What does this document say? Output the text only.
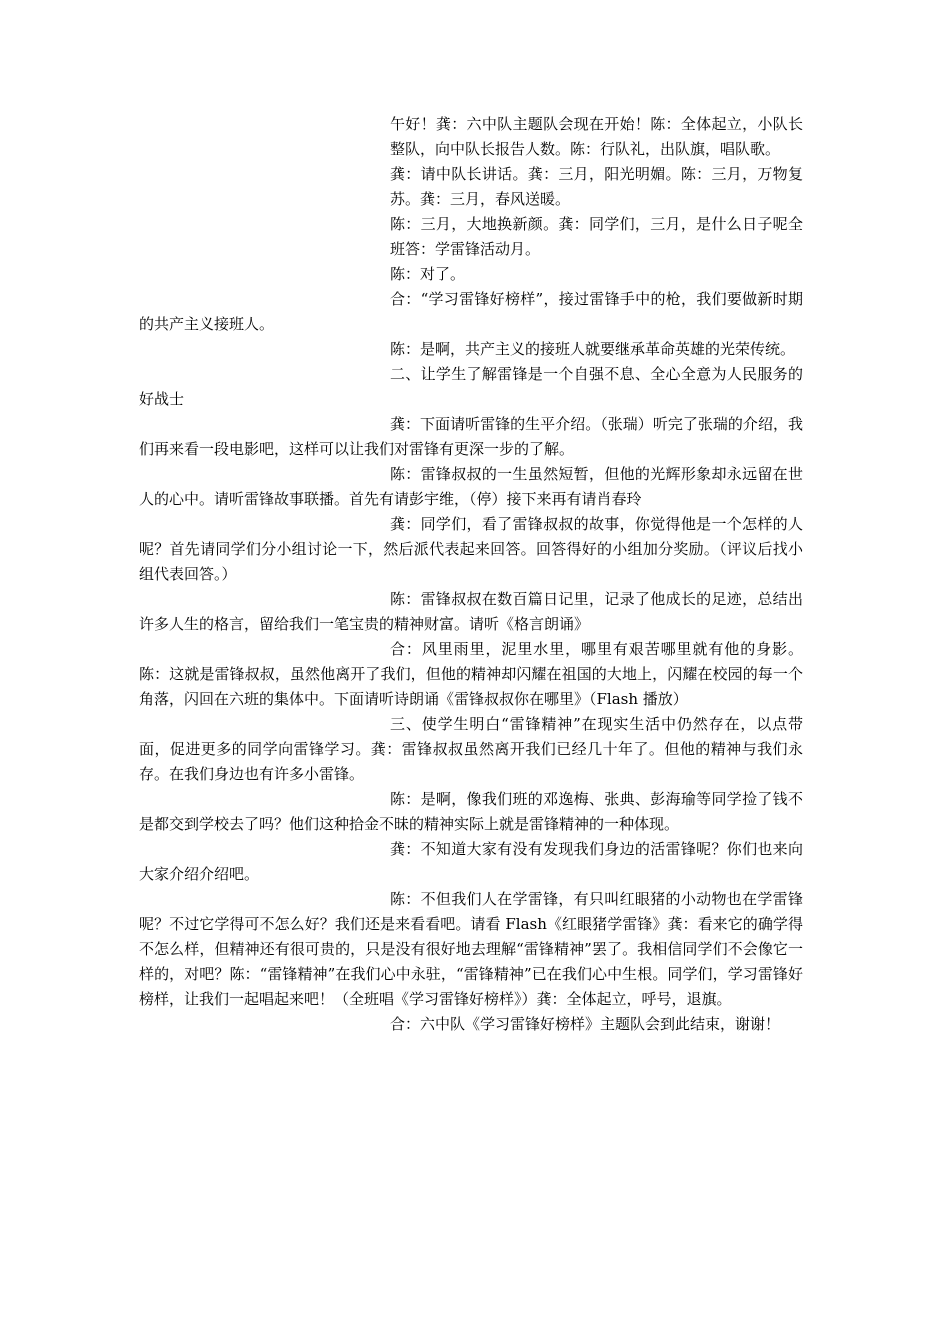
午好！龚：六中队主题队会现在开始！陈：全体起立，小队长整队，向中队长报告人数。陈：行队礼，出队旗，唱队歌。

龚：请中队长讲话。龚：三月，阳光明媚。陈：三月，万物复苏。龚：三月，春风送暖。

陈：三月，大地换新颜。龚：同学们，三月，是什么日子呢全班答：学雷锋活动月。

陈：对了。

合：“学习雷锋好榜样”，接过雷锋手中的枪，我们要做新时期的共产主义接班人。

陈：是啊，共产主义的接班人就要继承革命英雄的光荣传统。

二、让学生了解雷锋是一个自强不息、全心全意为人民服务的好战士

龚：下面请听雷锋的生平介绍。（张瑞）听完了张瑞的介绍，我们再来看一段电影吧，这样可以让我们对雷锋有更深一步的了解。

陈：雷锋叔叔的一生虽然短暂，但他的光辉形象却永远留在世人的心中。请听雷锋故事联播。首先有请彭宇维，（停）接下来再有请肖春玲

龚：同学们，看了雷锋叔叔的故事，你觉得他是一个怎样的人呢？首先请同学们分小组讨论一下，然后派代表起来回答。回答得好的小组加分奖励。（评议后找小组代表回答。）

陈：雷锋叔叔在数百篇日记里，记录了他成长的足迹，总结出许多人生的格言，留给我们一笔宝贵的精神财富。请听《格言朗诵》

合：风里雨里，泥里水里，哪里有艰苦哪里就有他的身影。陈：这就是雷锋叔叔，虽然他离开了我们，但他的精神却闪耀在祖国的大地上，闪耀在校园的每一个角落，闪回在六班的集体中。下面请听诗朗诵《雷锋叔叔你在哪里》（Flash 播放）

三、使学生明白“雷锋精神”在现实生活中仍然存在，以点带面，促进更多的同学向雷锋学习。龚：雷锋叔叔虽然离开我们已经几十年了。但他的精神与我们永存。在我们身边也有许多小雷锋。

陈：是啊，像我们班的邓逸梅、张典、彭海瑜等同学捡了钱不是都交到学校去了吗？他们这种拾金不昧的精神实际上就是雷锋精神的一种体现。

龚：不知道大家有没有发现我们身边的活雷锋呢？你们也来向大家介绍介绍吧。

陈：不但我们人在学雷锋，有只叫红眼猪的小动物也在学雷锋呢？不过它学得可不怎么好？我们还是来看看吧。请看 Flash《红眼猪学雷锋》龚：看来它的确学得不怎么样，但精神还有很可贵的，只是没有很好地去理解“雷锋精神”罢了。我相信同学们不会像它一样的，对吧？陈：“雷锋精神”在我们心中永驻，“雷锋精神”已在我们心中生根。同学们，学习雷锋好榜样，让我们一起唱起来吧！（全班唱《学习雷锋好榜样》）龚：全体起立，呼号，退旗。

合：六中队《学习雷锋好榜样》主题队会到此结束，谢谢！
